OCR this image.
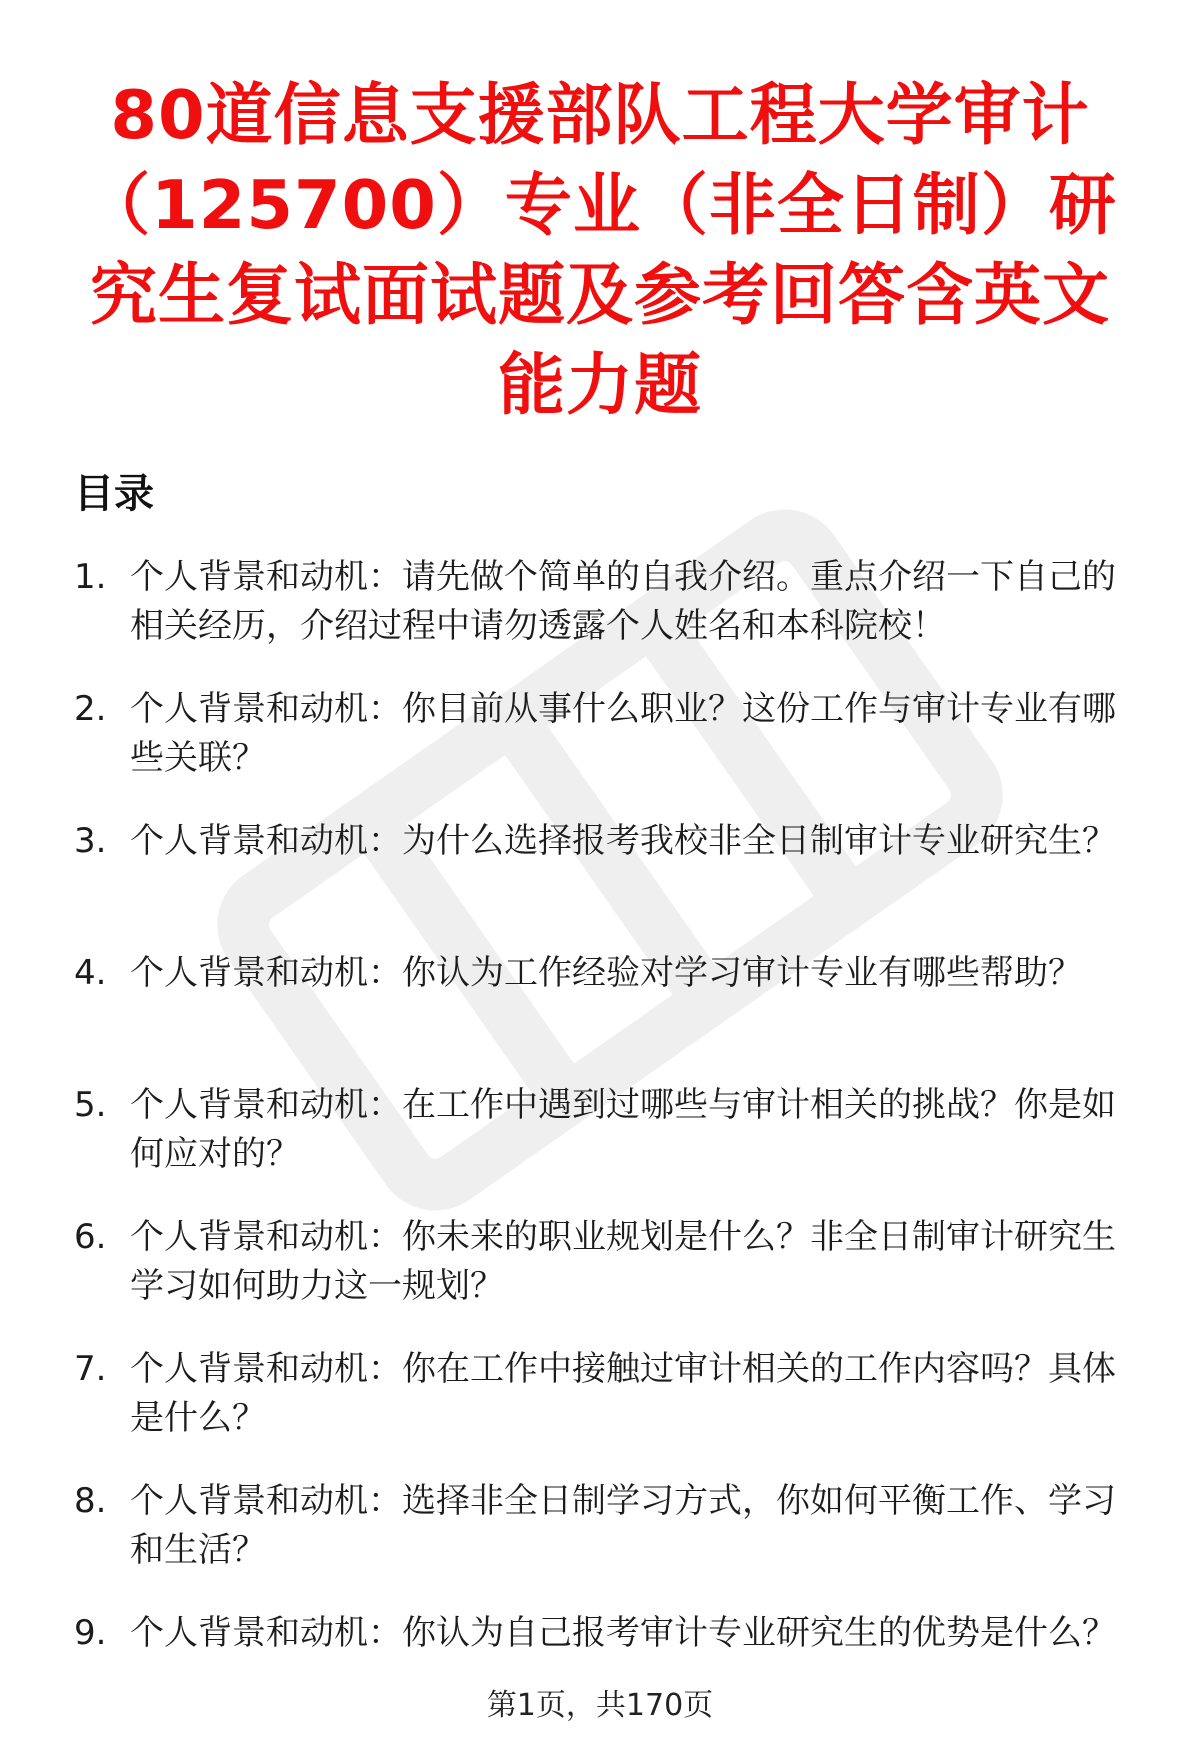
80道信息支援部队工程大学审计（125700）专业（非全日制）研究生复试面试题及参考回答含英文能力题
目录
1. 个人背景和动机：请先做个简单的自我介绍。重点介绍一下自己的相关经历，介绍过程中请勿透露个人姓名和本科院校！
2. 个人背景和动机：你目前从事什么职业？这份工作与审计专业有哪些关联？
3. 个人背景和动机：为什么选择报考我校非全日制审计专业研究生？
4. 个人背景和动机：你认为工作经验对学习审计专业有哪些帮助？
5. 个人背景和动机：在工作中遇到过哪些与审计相关的挑战？你是如何应对的？
6. 个人背景和动机：你未来的职业规划是什么？非全日制审计研究生学习如何助力这一规划？
7. 个人背景和动机：你在工作中接触过审计相关的工作内容吗？具体是什么？
8. 个人背景和动机：选择非全日制学习方式，你如何平衡工作、学习和生活？
9. 个人背景和动机：你认为自己报考审计专业研究生的优势是什么？
第1页，共170页
